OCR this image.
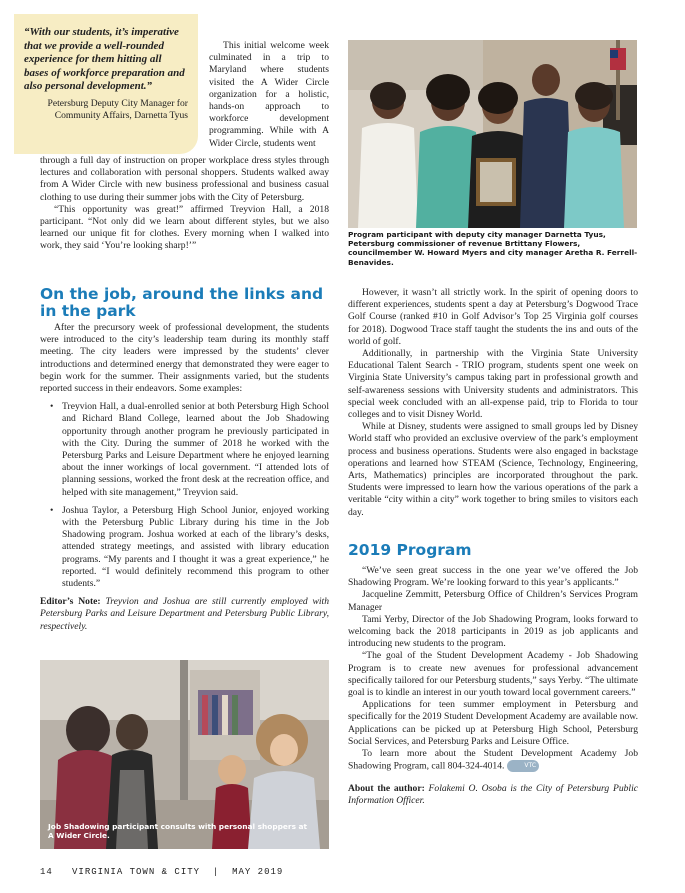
“With our students, it’s imperative that we provide a well-rounded experience for them hitting all bases of workforce preparation and also personal development.”

Petersburg Deputy City Manager for Community Affairs, Darnetta Tyus

This initial welcome week culminated in a trip to Maryland where students visited the A Wider Circle organization for a holistic, hands-on approach to workforce development programming. While with A Wider Circle, students went

through a full day of instruction on proper workplace dress styles through lectures and collaboration with personal shoppers. Students walked away from A Wider Circle with new business professional and business casual clothing to use during their summer jobs with the City of Petersburg.

“This opportunity was great!” affirmed Treyvion Hall, a 2018 participant. “Not only did we learn about different styles, but we also learned our unique fit for clothes. Every morning when I walked into work, they said ‘You’re looking sharp!’”

On the job, around the links and in the park

After the precursory week of professional development, the students were introduced to the city’s leadership team during its monthly staff meeting. The city leaders were impressed by the students’ clever introductions and determined energy that demonstrated they were eager to begin work for the summer. Their assignments varied, but the students reported success in their endeavors. Some examples:

• Treyvion Hall, a dual-enrolled senior at both Petersburg High School and Richard Bland College, learned about the Job Shadowing opportunity through another program he previously participated in with the City. During the summer of 2018 he worked with the Petersburg Parks and Leisure Department where he enjoyed learning about the inner workings of local government. “I attended lots of planning sessions, worked the front desk at the recreation office, and helped with site management,” Treyvion said.
• Joshua Taylor, a Petersburg High School Junior, enjoyed working with the Petersburg Public Library during his time in the Job Shadowing program. Joshua worked at each of the library’s desks, attended strategy meetings, and assisted with library education programs. “My parents and I thought it was a great experience,” he reported. “I would definitely recommend this program to other students.”

Editor’s Note: Treyvion and Joshua are still currently employed with Petersburg Parks and Leisure Department and Petersburg Public Library, respectively.

Job Shadowing participant consults with personal shoppers at A Wider Circle.

Program participant with deputy city manager Darnetta Tyus, Petersburg commissioner of revenue Brtittany Flowers, councilmember W. Howard Myers and city manager Aretha R. Ferrell-Benavides.

However, it wasn’t all strictly work. In the spirit of opening doors to different experiences, students spent a day at Petersburg’s Dogwood Trace Golf Course (ranked #10 in Golf Advisor’s Top 25 Virginia golf courses for 2018). Dogwood Trace staff taught the students the ins and outs of the world of golf.

Additionally, in partnership with the Virginia State University Educational Talent Search - TRIO program, students spent one week on Virginia State University’s campus taking part in professional growth and self-awareness sessions with University students and administrators. This special week concluded with an all-expense paid, trip to Florida to tour colleges and to visit Disney World.

While at Disney, students were assigned to small groups led by Disney World staff who provided an exclusive overview of the park’s employment process and business operations. Students were also engaged in backstage operations and learned how STEAM (Science, Technology, Engineering, Arts, Mathematics) principles are incorporated throughout the park. Students were impressed to learn how the various operations of the park a veritable “city within a city” work together to bring smiles to visitors each day.

2019 Program

“We’ve seen great success in the one year we’ve offered the Job Shadowing Program. We’re looking forward to this year’s applicants.”

Jacqueline Zemmitt, Petersburg Office of Children’s Services Program Manager

Tami Yerby, Director of the Job Shadowing Program, looks forward to welcoming back the 2018 participants in 2019 as job applicants and introducing new students to the program.

“The goal of the Student Development Academy - Job Shadowing Program is to create new avenues for professional advancement specifically tailored for our Petersburg students,” says Yerby. “The ultimate goal is to kindle an interest in our youth toward local government careers.”

Applications for teen summer employment in Petersburg and specifically for the 2019 Student Development Academy are available now. Applications can be picked up at Petersburg High School, Petersburg Social Services, and Petersburg Parks and Leisure Office.

To learn more about the Student Development Academy Job Shadowing Program, call 804-324-4014.	VTC

About the author: Folakemi O. Osoba is the City of Petersburg Public Information Officer.

14 VIRGINIA TOWN & CITY | MAY 2019
